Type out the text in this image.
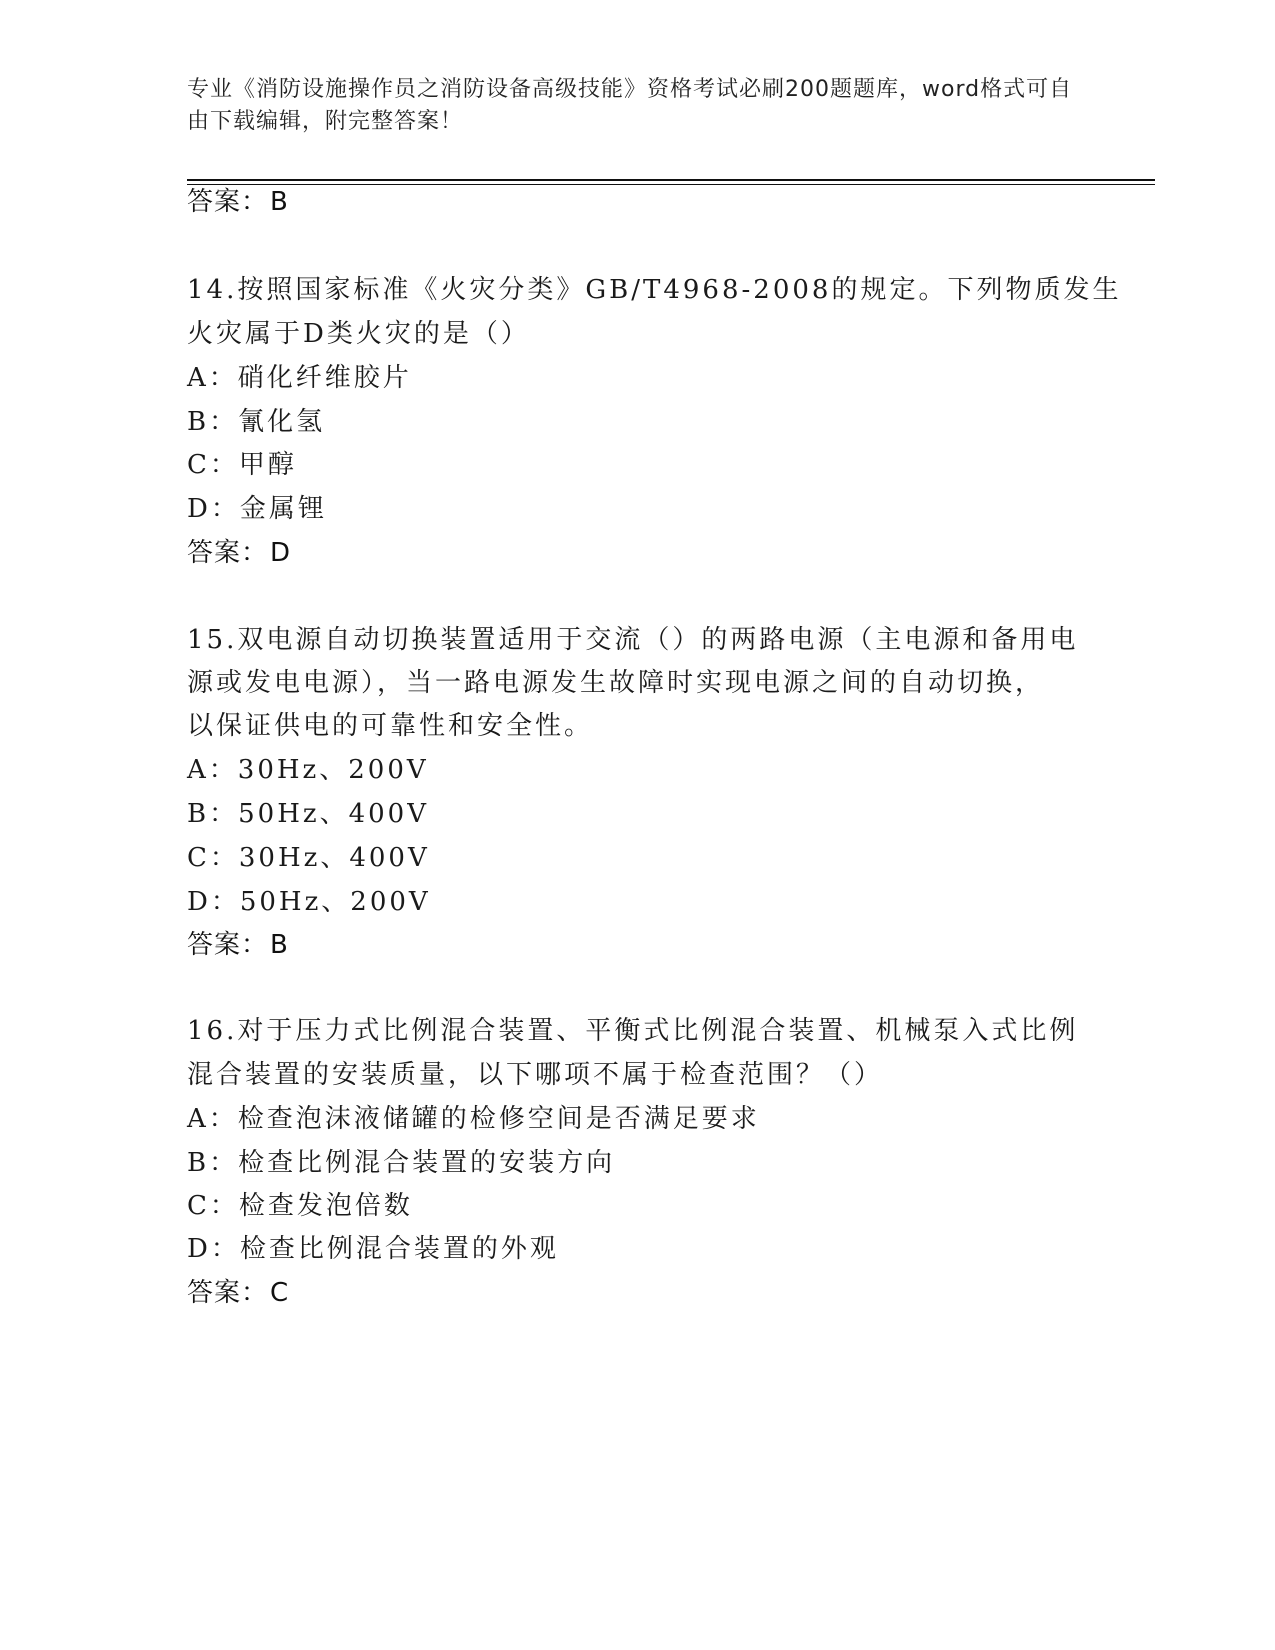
专业《消防设施操作员之消防设备高级技能》资格考试必刷200题题库，word格式可自由下载编辑，附完整答案！
答案：B
14.按照国家标准《火灾分类》GB/T4968-2008的规定。下列物质发生
火灾属于D类火灾的是（）
A：硝化纤维胶片
B：氰化氢
C：甲醇
D：金属锂
答案：D
15.双电源自动切换装置适用于交流（）的两路电源（主电源和备用电
源或发电电源），当一路电源发生故障时实现电源之间的自动切换，
以保证供电的可靠性和安全性。
A：30Hz、200V
B：50Hz、400V
C：30Hz、400V
D：50Hz、200V
答案：B
16.对于压力式比例混合装置、平衡式比例混合装置、机械泵入式比例
混合装置的安装质量，以下哪项不属于检查范围？（）
A：检查泡沫液储罐的检修空间是否满足要求
B：检查比例混合装置的安装方向
C：检查发泡倍数
D：检查比例混合装置的外观
答案：C
